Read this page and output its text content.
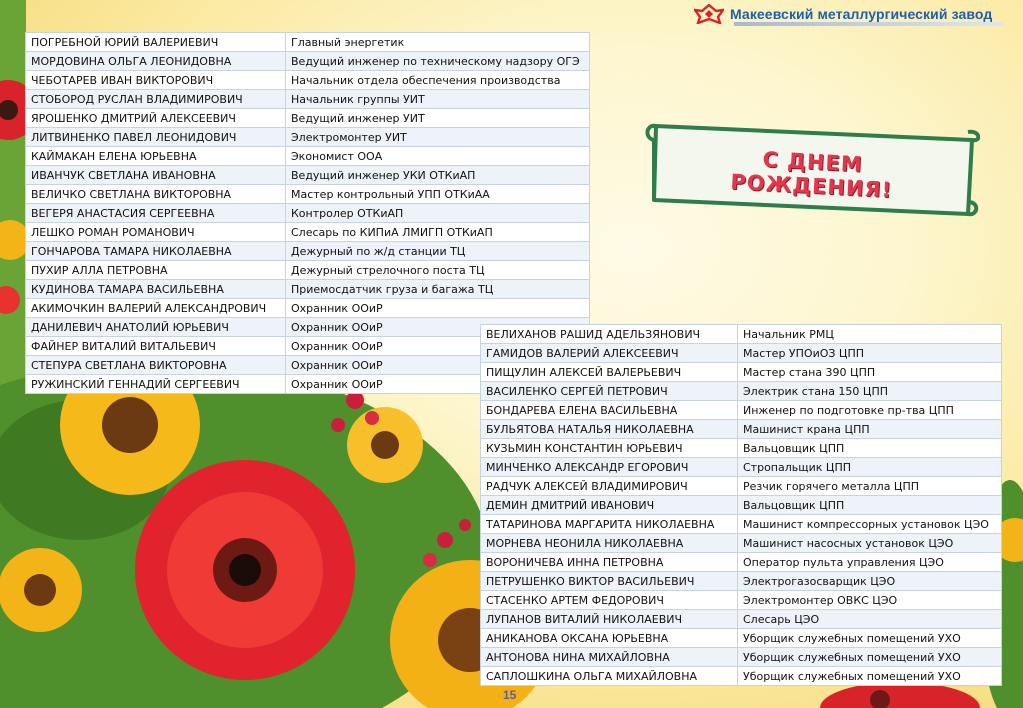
Макеевский металлургический завод
С ДНЕМ РОЖДЕНИЯ!
ПОГРЕБНОЙ ЮРИЙ ВАЛЕРИЕВИЧ	Главный энергетик
МОРДОВИНА ОЛЬГА ЛЕОНИДОВНА	Ведущий инженер по техническому надзору ОГЭ
ЧЕБОТАРЕВ ИВАН ВИКТОРОВИЧ	Начальник отдела обеспечения производства
СТОБОРОД РУСЛАН ВЛАДИМИРОВИЧ	Начальник группы УИТ
ЯРОШЕНКО ДМИТРИЙ АЛЕКСЕЕВИЧ	Ведущий инженер УИТ
ЛИТВИНЕНКО ПАВЕЛ ЛЕОНИДОВИЧ	Электромонтер УИТ
КАЙМАКАН ЕЛЕНА ЮРЬЕВНА	Экономист ООА
ИВАНЧУК СВЕТЛАНА ИВАНОВНА	Ведущий инженер УКИ ОТКиАП
ВЕЛИЧКО СВЕТЛАНА ВИКТОРОВНА	Мастер контрольный УПП ОТКиАА
ВЕГЕРЯ АНАСТАСИЯ СЕРГЕЕВНА	Контролер ОТКиАП
ЛЕШКО РОМАН РОМАНОВИЧ	Слесарь по КИПиА ЛМИГП ОТКиАП
ГОНЧАРОВА ТАМАРА НИКОЛАЕВНА	Дежурный по ж/д станции ТЦ
ПУХИР АЛЛА ПЕТРОВНА	Дежурный стрелочного поста ТЦ
КУДИНОВА ТАМАРА ВАСИЛЬЕВНА	Приемосдатчик груза и багажа ТЦ
АКИМОЧКИН ВАЛЕРИЙ АЛЕКСАНДРОВИЧ	Охранник ООиР
ДАНИЛЕВИЧ АНАТОЛИЙ ЮРЬЕВИЧ	Охранник ООиР
ФАЙНЕР ВИТАЛИЙ ВИТАЛЬЕВИЧ	Охранник ООиР
СТЕПУРА СВЕТЛАНА ВИКТОРОВНА	Охранник ООиР
РУЖИНСКИЙ ГЕННАДИЙ СЕРГЕЕВИЧ	Охранник ООиР
ВЕЛИХАНОВ РАШИД АДЕЛЬЗЯНОВИЧ	Начальник РМЦ
ГАМИДОВ ВАЛЕРИЙ АЛЕКСЕЕВИЧ	Мастер УПОиОЗ ЦПП
ПИЩУЛИН АЛЕКСЕЙ ВАЛЕРЬЕВИЧ	Мастер стана 390 ЦПП
ВАСИЛЕНКО СЕРГЕЙ ПЕТРОВИЧ	Электрик стана 150 ЦПП
БОНДАРЕВА ЕЛЕНА ВАСИЛЬЕВНА	Инженер по подготовке пр-тва ЦПП
БУЛЬЯТОВА НАТАЛЬЯ НИКОЛАЕВНА	Машинист крана ЦПП
КУЗЬМИН КОНСТАНТИН ЮРЬЕВИЧ	Вальцовщик ЦПП
МИНЧЕНКО АЛЕКСАНДР ЕГОРОВИЧ	Стропальщик ЦПП
РАДЧУК АЛЕКСЕЙ ВЛАДИМИРОВИЧ	Резчик горячего металла ЦПП
ДЕМИН ДМИТРИЙ ИВАНОВИЧ	Вальцовщик ЦПП
ТАТАРИНОВА МАРГАРИТА НИКОЛАЕВНА	Машинист компрессорных установок ЦЭО
МОРНЕВА НЕОНИЛА НИКОЛАЕВНА	Машинист насосных установок ЦЭО
ВОРОНИЧЕВА ИННА ПЕТРОВНА	Оператор пульта управления ЦЭО
ПЕТРУШЕНКО ВИКТОР ВАСИЛЬЕВИЧ	Электрогазосварщик ЦЭО
СТАСЕНКО АРТЕМ ФЕДОРОВИЧ	Электромонтер ОВКС ЦЭО
ЛУПАНОВ ВИТАЛИЙ НИКОЛАЕВИЧ	Слесарь ЦЭО
АНИКАНОВА ОКСАНА ЮРЬЕВНА	Уборщик служебных помещений УХО
АНТОНОВА НИНА МИХАЙЛОВНА	Уборщик служебных помещений УХО
САПЛОШКИНА ОЛЬГА МИХАЙЛОВНА	Уборщик служебных помещений УХО
15
